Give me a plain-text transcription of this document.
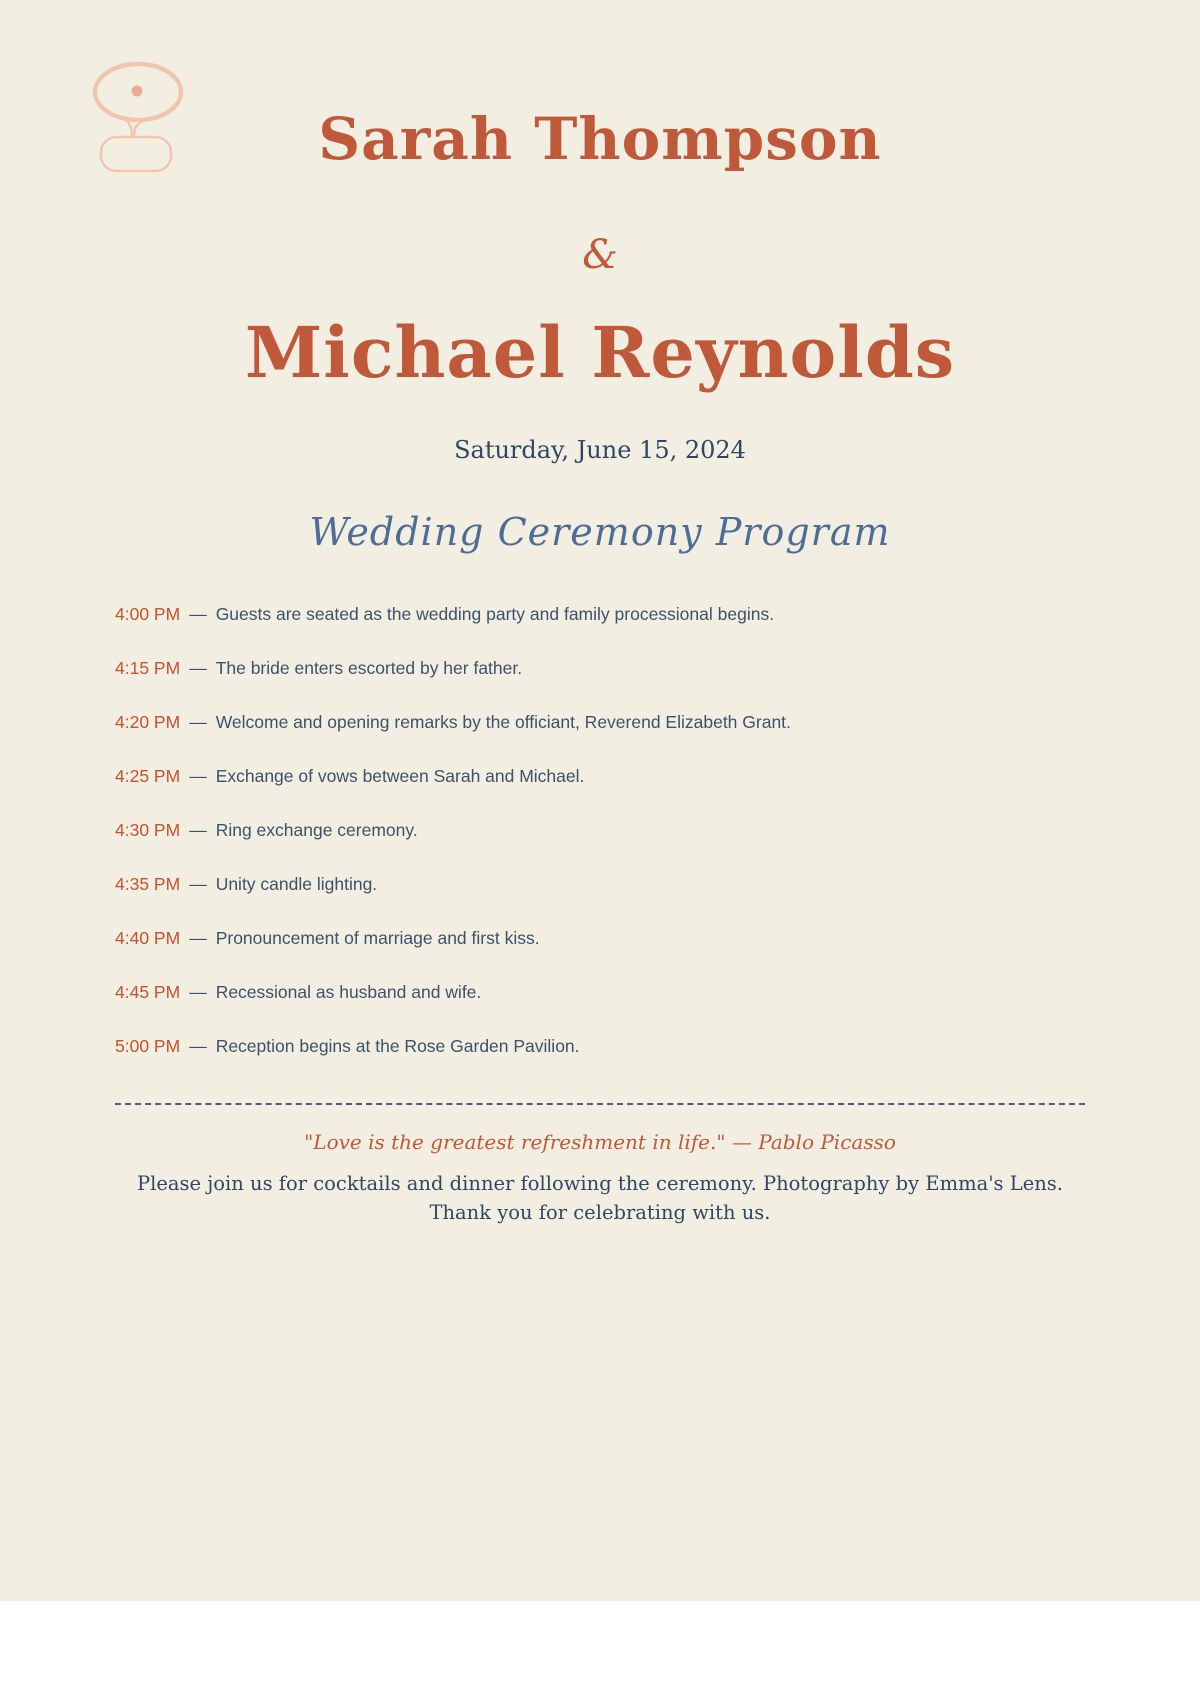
Sarah Thompson
&
Michael Reynolds
Saturday, June 15, 2024
Wedding Ceremony Program
4:00 PM — Guests are seated as the wedding party and family processional begins.
4:15 PM — The bride enters escorted by her father.
4:20 PM — Welcome and opening remarks by the officiant, Reverend Elizabeth Grant.
4:25 PM — Exchange of vows between Sarah and Michael.
4:30 PM — Ring exchange ceremony.
4:35 PM — Unity candle lighting.
4:40 PM — Pronouncement of marriage and first kiss.
4:45 PM — Recessional as husband and wife.
5:00 PM — Reception begins at the Rose Garden Pavilion.
"Love is the greatest refreshment in life." — Pablo Picasso
Please join us for cocktails and dinner following the ceremony. Photography by Emma's Lens. Thank you for celebrating with us.
